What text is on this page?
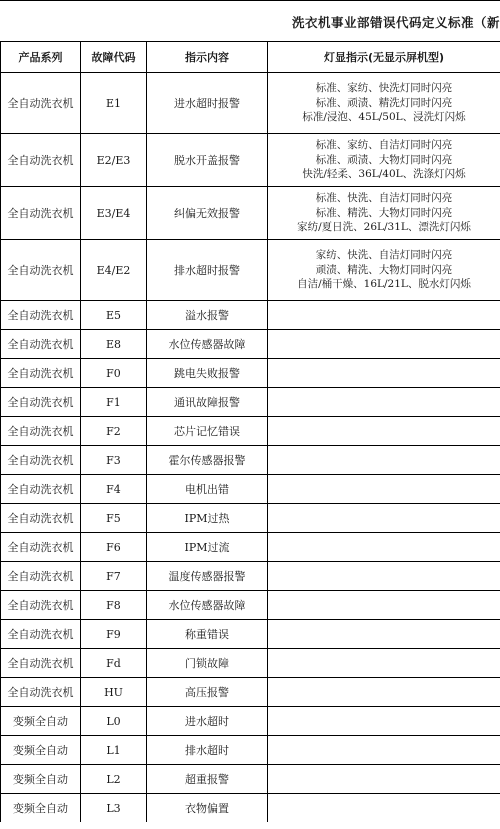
洗衣机事业部错误代码定义标准（新
产品系列	故障代码	指示内容	灯显指示(无显示屏机型)
全自动洗衣机	E1	进水超时报警	标准、家纺、快洗灯同时闪亮
标准、顽渍、精洗灯同时闪亮
标准/浸泡、45L/50L、浸洗灯闪烁

全自动洗衣机	E2/E3	脱水开盖报警	标准、家纺、自洁灯同时闪亮
标准、顽渍、大物灯同时闪亮
快洗/轻柔、36L/40L、洗涤灯闪烁

全自动洗衣机	E3/E4	纠偏无效报警	标准、快洗、自洁灯同时闪亮
标准、精洗、大物灯同时闪亮
家纺/夏日洗、26L/31L、漂洗灯闪烁

全自动洗衣机	E4/E2	排水超时报警	家纺、快洗、自洁灯同时闪亮
顽渍、精洗、大物灯同时闪亮
自洁/桶干燥、16L/21L、脱水灯闪烁

全自动洗衣机	E5	溢水报警	
全自动洗衣机	E8	水位传感器故障	
全自动洗衣机	F0	跳电失败报警	
全自动洗衣机	F1	通讯故障报警	
全自动洗衣机	F2	芯片记忆错误	
全自动洗衣机	F3	霍尔传感器报警	
全自动洗衣机	F4	电机出错	
全自动洗衣机	F5	IPM过热	
全自动洗衣机	F6	IPM过流	
全自动洗衣机	F7	温度传感器报警	
全自动洗衣机	F8	水位传感器故障	
全自动洗衣机	F9	称重错误	
全自动洗衣机	Fd	门锁故障	
全自动洗衣机	HU	高压报警	
变频全自动	L0	进水超时	
变频全自动	L1	排水超时	
变频全自动	L2	超重报警	
变频全自动	L3	衣物偏置	
